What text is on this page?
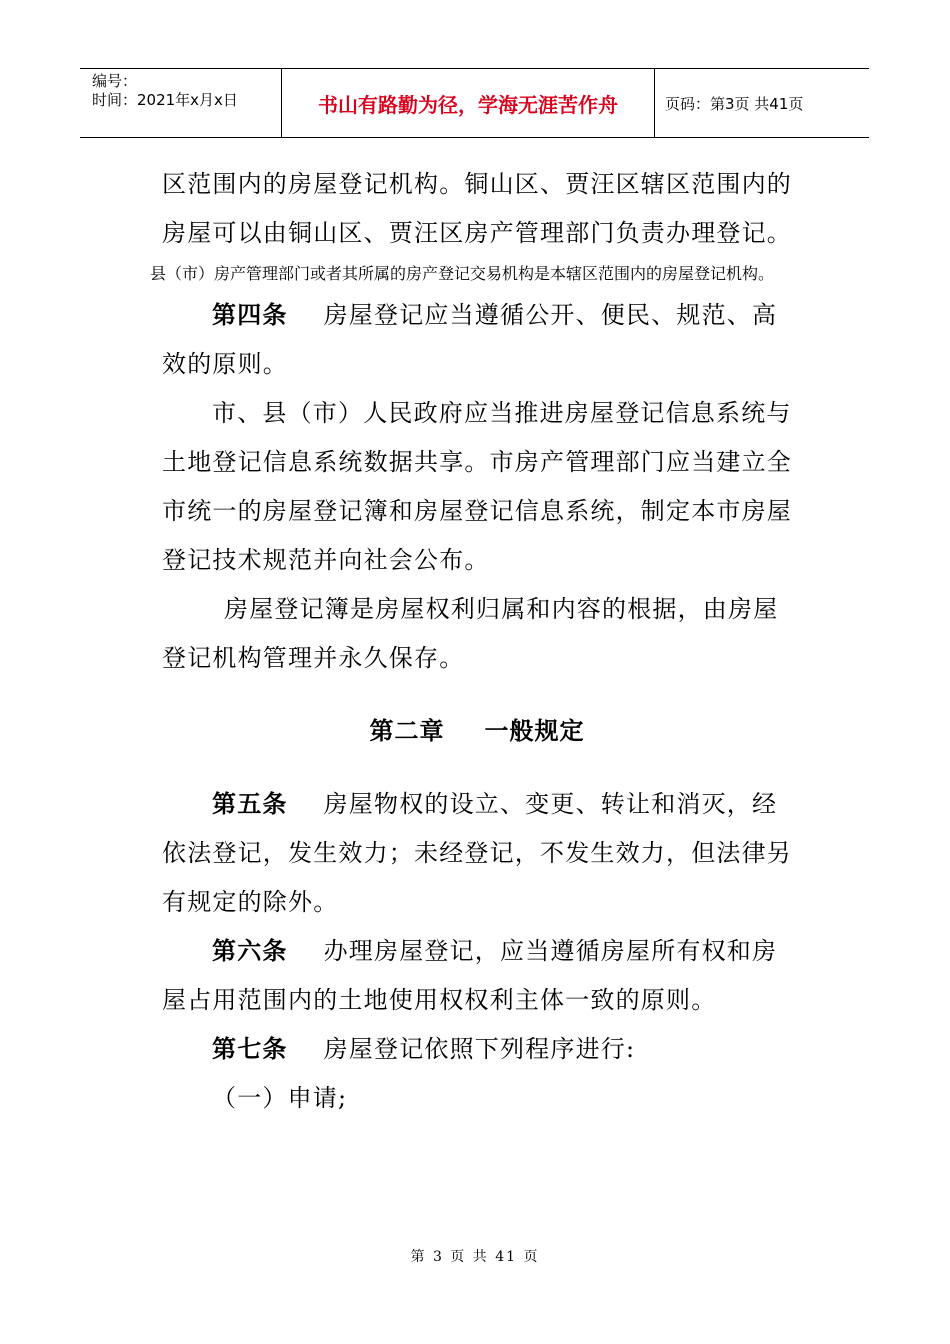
编号：
时间：2021年x月x日	书山有路勤为径，学海无涯苦作舟	页码：第3页 共41页

区范围内的房屋登记机构。铜山区、贾汪区辖区范围内的房屋可以由铜山区、贾汪区房产管理部门负责办理登记。

县（市）房产管理部门或者其所属的房产登记交易机构是本辖区范围内的房屋登记机构。

第四条 房屋登记应当遵循公开、便民、规范、高效的原则。

市、县（市）人民政府应当推进房屋登记信息系统与土地登记信息系统数据共享。市房产管理部门应当建立全市统一的房屋登记簿和房屋登记信息系统，制定本市房屋登记技术规范并向社会公布。

房屋登记簿是房屋权利归属和内容的根据，由房屋登记机构管理并永久保存。

第二章 一般规定

第五条 房屋物权的设立、变更、转让和消灭，经依法登记，发生效力；未经登记，不发生效力，但法律另有规定的除外。

第六条 办理房屋登记，应当遵循房屋所有权和房屋占用范围内的土地使用权权利主体一致的原则。

第七条 房屋登记依照下列程序进行:

（一）申请;

第 3 页 共 41 页
